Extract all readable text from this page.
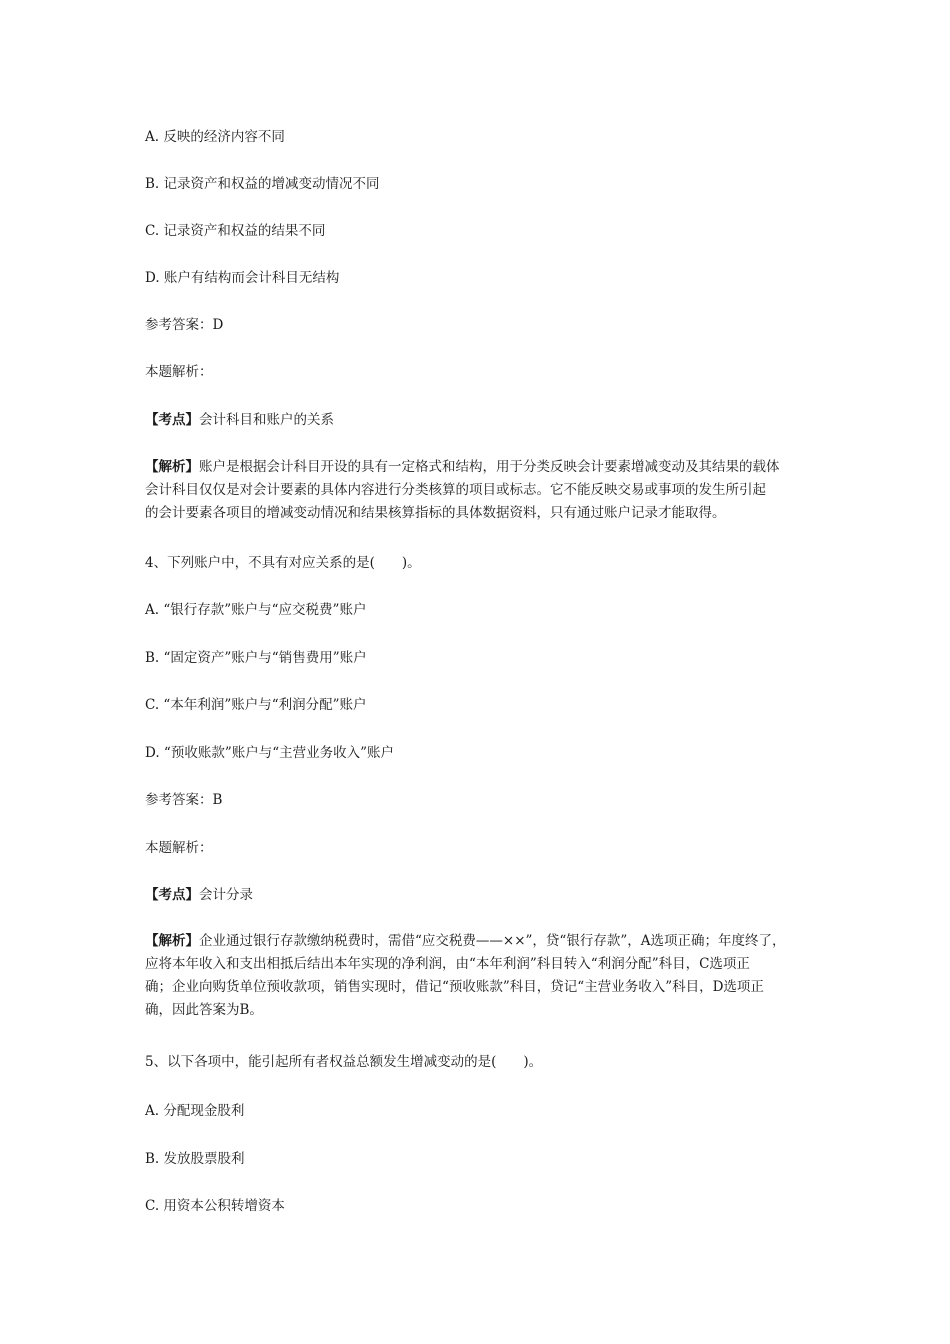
A. 反映的经济内容不同
B. 记录资产和权益的增减变动情况不同
C. 记录资产和权益的结果不同
D. 账户有结构而会计科目无结构
参考答案：D
本题解析：
【考点】会计科目和账户的关系
【解析】账户是根据会计科目开设的具有一定格式和结构，用于分类反映会计要素增减变动及其结果的载体
会计科目仅仅是对会计要素的具体内容进行分类核算的项目或标志。它不能反映交易或事项的发生所引起
的会计要素各项目的增减变动情况和结果核算指标的具体数据资料，只有通过账户记录才能取得。
4、下列账户中，不具有对应关系的是(　　)。
A. “银行存款”账户与“应交税费”账户
B. “固定资产”账户与“销售费用”账户
C. “本年利润”账户与“利润分配”账户
D. “预收账款”账户与“主营业务收入”账户
参考答案：B
本题解析：
【考点】会计分录
【解析】企业通过银行存款缴纳税费时，需借“应交税费——××”，贷“银行存款”，A选项正确；年度终了，
应将本年收入和支出相抵后结出本年实现的净利润，由“本年利润”科目转入“利润分配”科目，C选项正
确；企业向购货单位预收款项，销售实现时，借记“预收账款”科目，贷记“主营业务收入”科目，D选项正
确，因此答案为B。
5、以下各项中，能引起所有者权益总额发生增减变动的是(　　)。
A. 分配现金股利
B. 发放股票股利
C. 用资本公积转增资本
